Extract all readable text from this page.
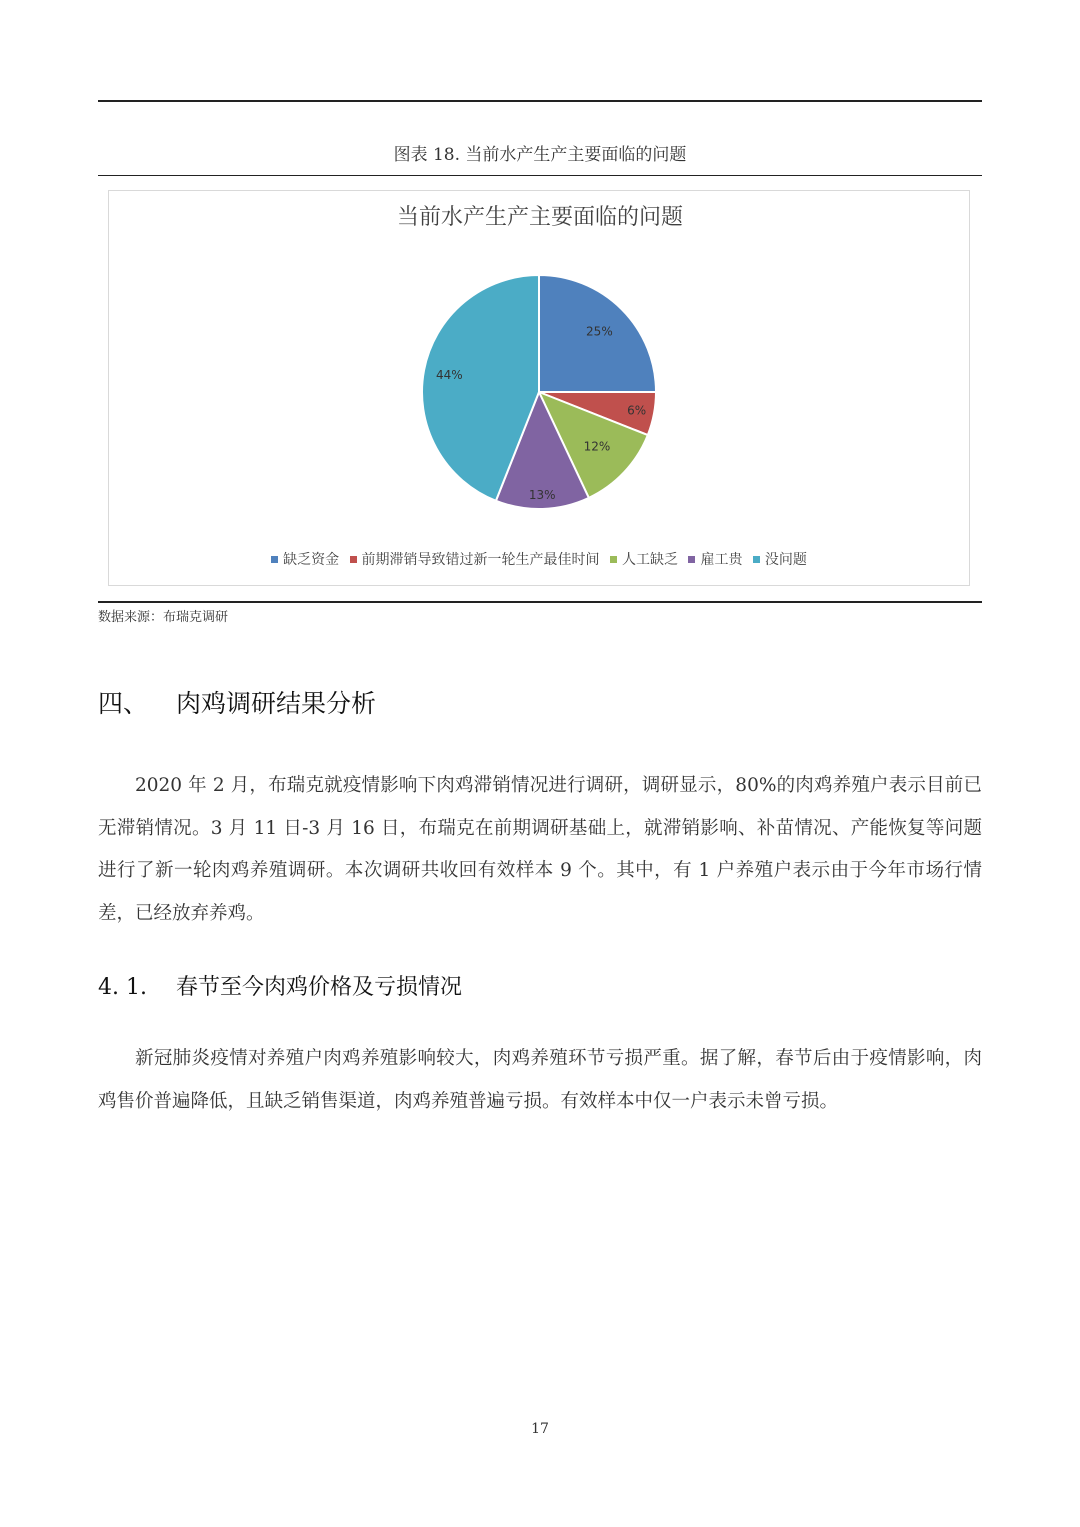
图表 18. 当前水产生产主要面临的问题
当前水产生产主要面临的问题
25%
6%
12%
13%
44%
缺乏资金 前期滞销导致错过新一轮生产最佳时间 人工缺乏 雇工贵 没问题
数据来源：布瑞克调研
四、 肉鸡调研结果分析

2020 年 2 月，布瑞克就疫情影响下肉鸡滞销情况进行调研，调研显示，80%的肉鸡养殖户表示目前已无滞销情况。3 月 11 日-3 月 16 日，布瑞克在前期调研基础上，就滞销影响、补苗情况、产能恢复等问题进行了新一轮肉鸡养殖调研。本次调研共收回有效样本 9 个。其中，有 1 户养殖户表示由于今年市场行情差，已经放弃养鸡。

4. 1. 春节至今肉鸡价格及亏损情况

新冠肺炎疫情对养殖户肉鸡养殖影响较大，肉鸡养殖环节亏损严重。据了解，春节后由于疫情影响，肉鸡售价普遍降低，且缺乏销售渠道，肉鸡养殖普遍亏损。有效样本中仅一户表示未曾亏损。

17
